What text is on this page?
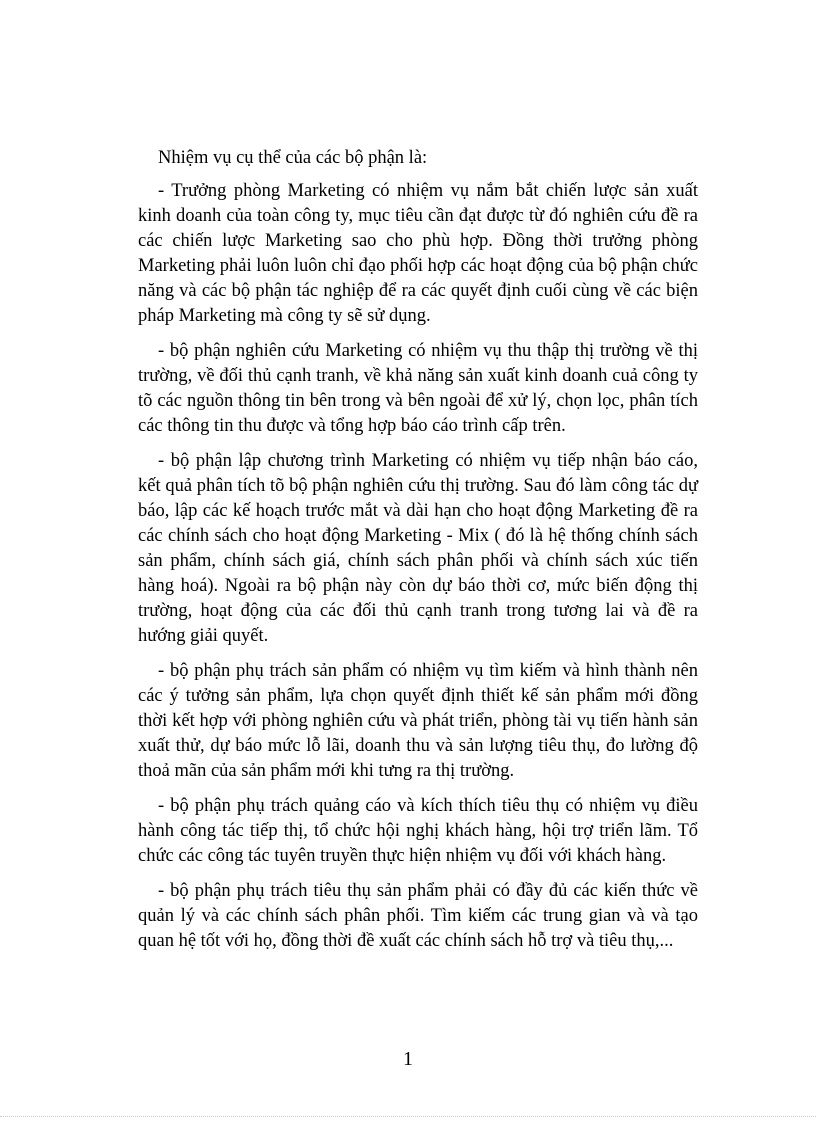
Nhiệm vụ cụ thể của các bộ phận là:

- Trưởng phòng Marketing có nhiệm vụ nắm bắt chiến lược sản xuất kinh doanh của toàn công ty, mục tiêu cần đạt được từ đó nghiên cứu đề ra các chiến lược Marketing sao cho phù hợp. Đồng thời trưởng phòng Marketing phải luôn luôn chỉ đạo phối hợp các hoạt động của bộ phận chức năng và các bộ phận tác nghiệp để ra các quyết định cuối cùng về các biện pháp Marketing mà công ty sẽ sử dụng.

- bộ phận nghiên cứu Marketing có nhiệm vụ thu thập thị trường về thị trường, về đối thủ cạnh tranh, về khả năng sản xuất kinh doanh cuả công ty tõ các nguồn thông tin bên trong và bên ngoài để xử lý, chọn lọc, phân tích các thông tin thu được và tổng hợp báo cáo trình cấp trên.

- bộ phận lập chương trình Marketing có nhiệm vụ tiếp nhận báo cáo, kết quả phân tích tõ bộ phận nghiên cứu thị trường. Sau đó làm công tác dự báo, lập các kế hoạch trước mắt và dài hạn cho hoạt động Marketing đề ra các chính sách cho hoạt động Marketing - Mix ( đó là hệ thống chính sách sản phẩm, chính sách giá, chính sách phân phối và chính sách xúc tiến hàng hoá). Ngoài ra bộ phận này còn dự báo thời cơ, mức biến động thị trường, hoạt động của các đối thủ cạnh tranh trong tương lai và đề ra hướng giải quyết.

- bộ phận phụ trách sản phẩm có nhiệm vụ tìm kiếm và hình thành nên các ý tưởng sản phẩm, lựa chọn quyết định thiết kế sản phẩm mới đồng thời kết hợp với phòng nghiên cứu và phát triển, phòng tài vụ tiến hành sản xuất thử, dự báo mức lỗ lãi, doanh thu và sản lượng tiêu thụ, đo lường độ thoả mãn của sản phẩm mới khi tưng ra thị trường.

- bộ phận phụ trách quảng cáo và kích thích tiêu thụ có nhiệm vụ điều hành công tác tiếp thị, tổ chức hội nghị khách hàng, hội trợ triển lãm. Tổ chức các công tác tuyên truyền thực hiện nhiệm vụ đối với khách hàng.

- bộ phận phụ trách tiêu thụ sản phẩm phải có đầy đủ các kiến thức về quản lý và các chính sách phân phối. Tìm kiếm các trung gian và và tạo quan hệ tốt với họ, đồng thời đề xuất các chính sách hỗ trợ và tiêu thụ,...

1
